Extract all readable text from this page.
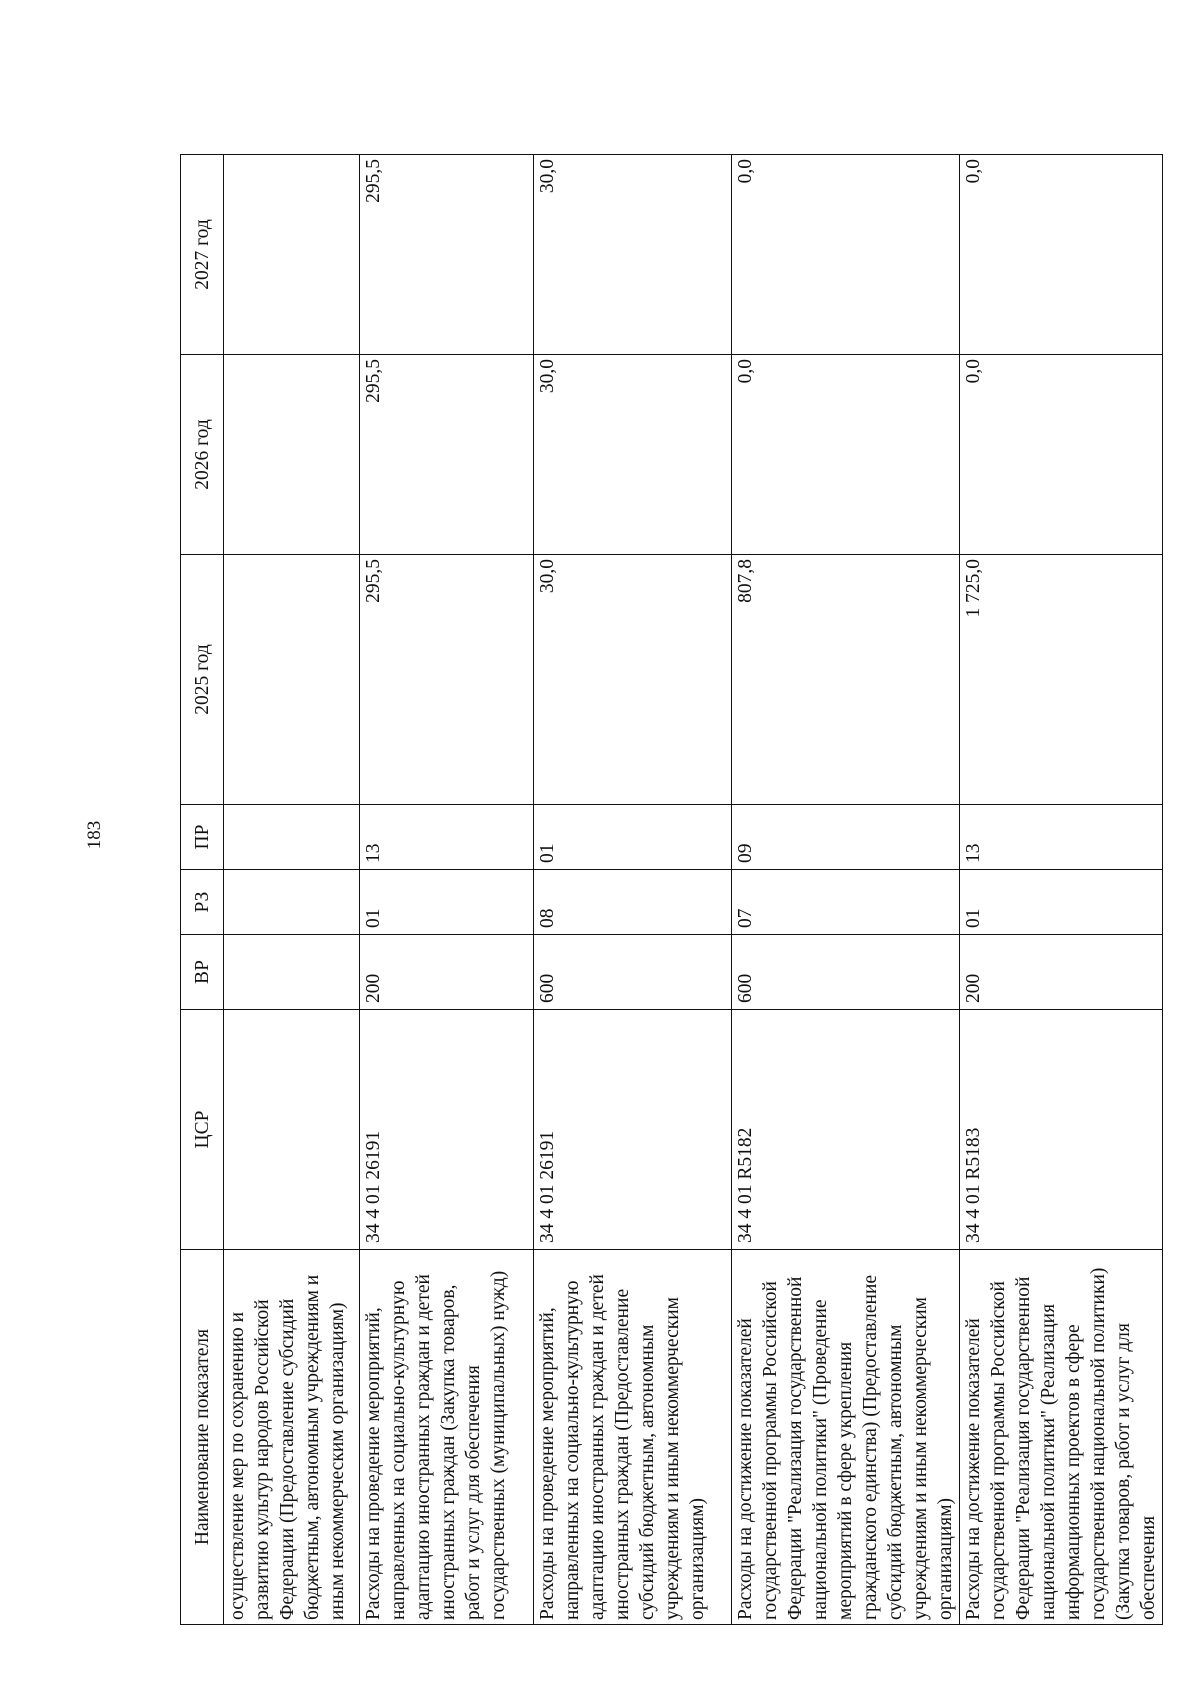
183
Наименование показателя	ЦСР	ВР	РЗ	ПР	2025 год	2026 год	2027 год
осуществление мер по сохранению и развитию культур народов Российской Федерации (Предоставление субсидий бюджетным, автономным учреждениям и иным некоммерческим организациям)							
Расходы на проведение мероприятий, направленных на социально-культурную адаптацию иностранных граждан и детей иностранных граждан (Закупка товаров, работ и услуг для обеспечения государственных (муниципальных) нужд)	34 4 01 26191	200	01	13	295,5	295,5	295,5
Расходы на проведение мероприятий, направленных на социально-культурную адаптацию иностранных граждан и детей иностранных граждан (Предоставление субсидий бюджетным, автономным учреждениям и иным некоммерческим организациям)	34 4 01 26191	600	08	01	30,0	30,0	30,0
Расходы на достижение показателей государственной программы Российской Федерации "Реализация государственной национальной политики" (Проведение мероприятий в сфере укрепления гражданского единства) (Предоставление субсидий бюджетным, автономным учреждениям и иным некоммерческим организациям)	34 4 01 R5182	600	07	09	807,8	0,0	0,0
Расходы на достижение показателей государственной программы Российской Федерации "Реализация государственной национальной политики" (Реализация информационных проектов в сфере государственной национальной политики) (Закупка товаров, работ и услуг для обеспечения	34 4 01 R5183	200	01	13	1 725,0	0,0	0,0
